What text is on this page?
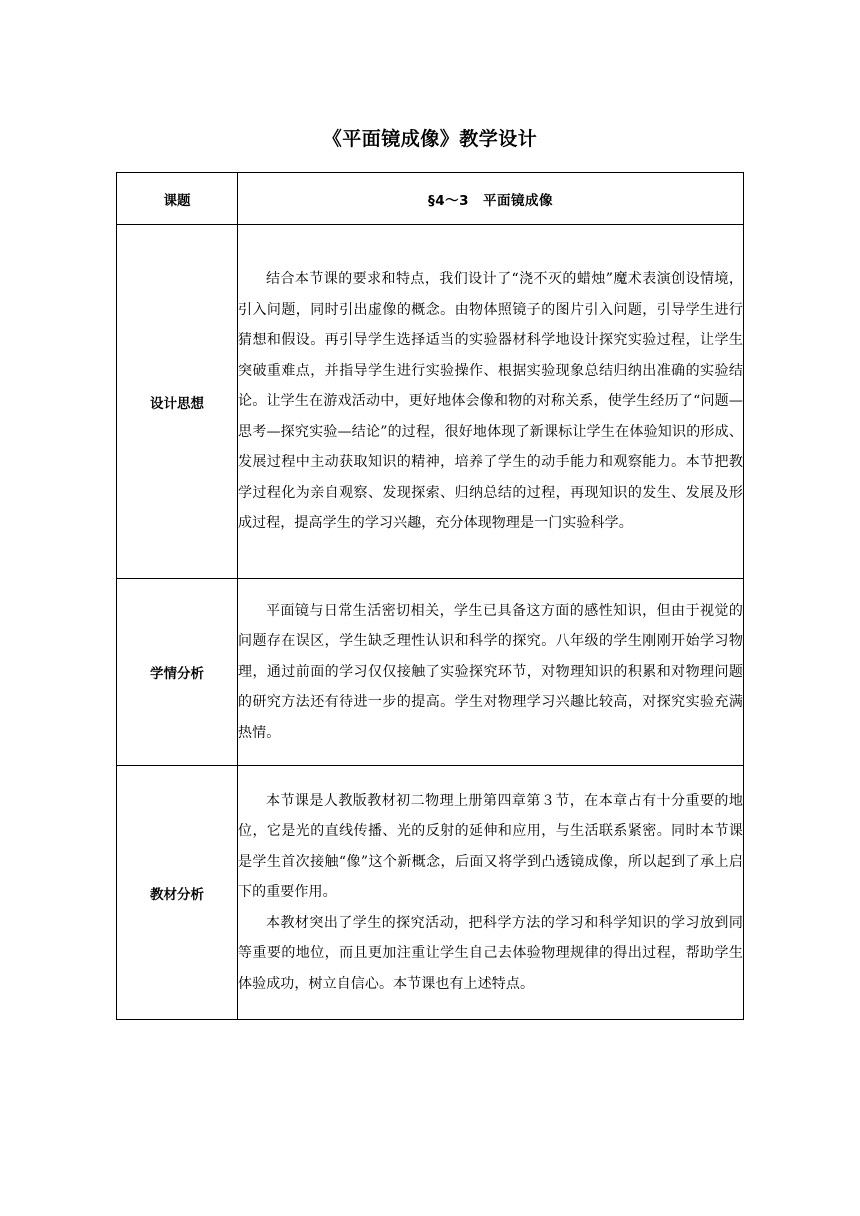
《平面镜成像》教学设计
课题	§4～3　平面镜成像
设计思想	结合本节课的要求和特点，我们设计了“浇不灭的蜡烛”魔术表演创设情境，引入问题，同时引出虚像的概念。由物体照镜子的图片引入问题，引导学生进行猜想和假设。再引导学生选择适当的实验器材科学地设计探究实验过程，让学生突破重难点，并指导学生进行实验操作、根据实验现象总结归纳出准确的实验结论。让学生在游戏活动中，更好地体会像和物的对称关系，使学生经历了“问题—思考—探究实验—结论”的过程，很好地体现了新课标让学生在体验知识的形成、发展过程中主动获取知识的精神，培养了学生的动手能力和观察能力。本节把教学过程化为亲自观察、发现探索、归纳总结的过程，再现知识的发生、发展及形成过程，提高学生的学习兴趣，充分体现物理是一门实验科学。

学情分析	平面镜与日常生活密切相关，学生已具备这方面的感性知识，但由于视觉的问题存在误区，学生缺乏理性认识和科学的探究。八年级的学生刚刚开始学习物理，通过前面的学习仅仅接触了实验探究环节，对物理知识的积累和对物理问题的研究方法还有待进一步的提高。学生对物理学习兴趣比较高，对探究实验充满热情。

教材分析	本节课是人教版教材初二物理上册第四章第３节，在本章占有十分重要的地位，它是光的直线传播、光的反射的延伸和应用，与生活联系紧密。同时本节课是学生首次接触“像”这个新概念，后面又将学到凸透镜成像，所以起到了承上启下的重要作用。

本教材突出了学生的探究活动，把科学方法的学习和科学知识的学习放到同等重要的地位，而且更加注重让学生自己去体验物理规律的得出过程，帮助学生体验成功，树立自信心。本节课也有上述特点。
